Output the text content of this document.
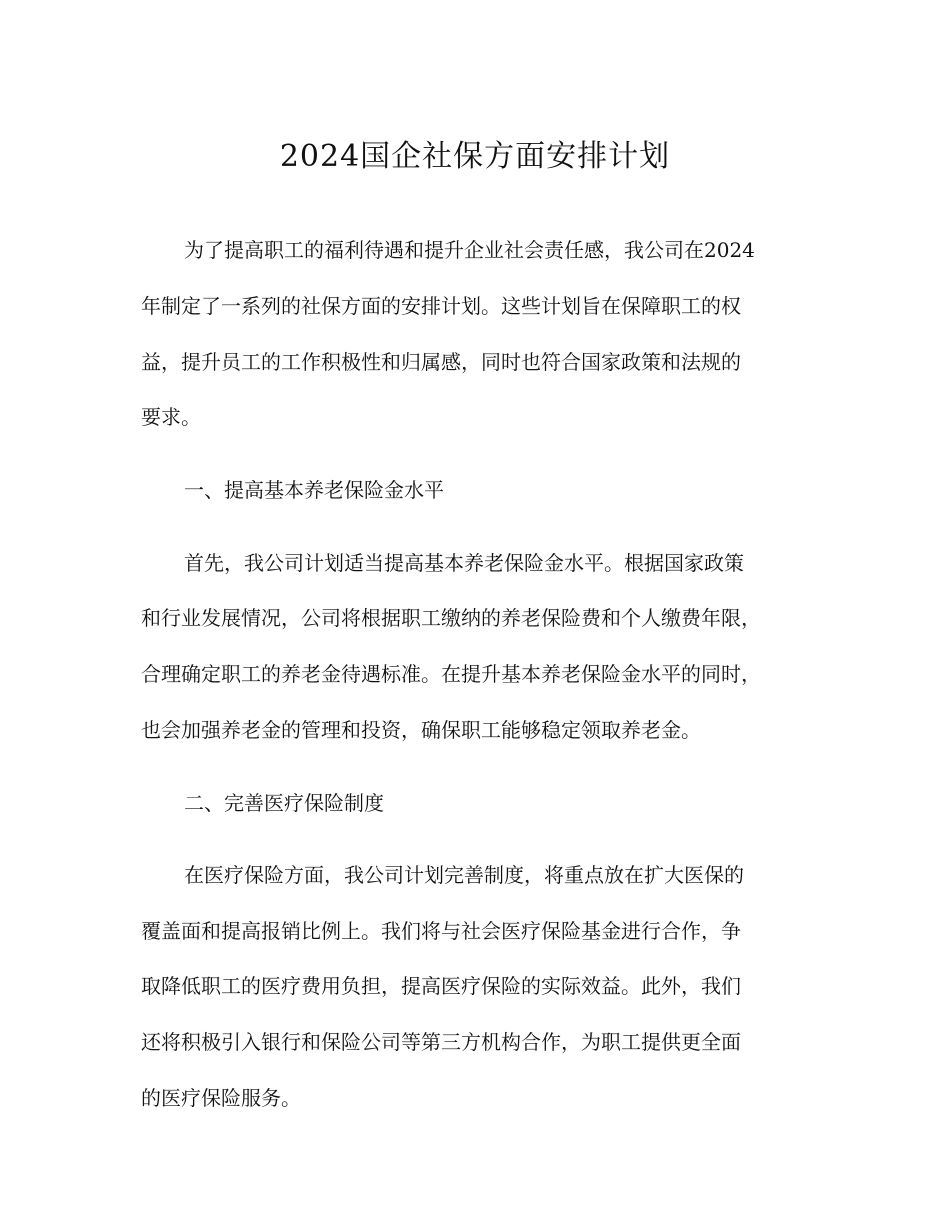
2024国企社保方面安排计划

为了提高职工的福利待遇和提升企业社会责任感，我公司在2024

年制定了一系列的社保方面的安排计划。这些计划旨在保障职工的权

益，提升员工的工作积极性和归属感，同时也符合国家政策和法规的

要求。

一、提高基本养老保险金水平

首先，我公司计划适当提高基本养老保险金水平。根据国家政策

和行业发展情况，公司将根据职工缴纳的养老保险费和个人缴费年限，

合理确定职工的养老金待遇标准。在提升基本养老保险金水平的同时，

也会加强养老金的管理和投资，确保职工能够稳定领取养老金。

二、完善医疗保险制度

在医疗保险方面，我公司计划完善制度，将重点放在扩大医保的

覆盖面和提高报销比例上。我们将与社会医疗保险基金进行合作，争

取降低职工的医疗费用负担，提高医疗保险的实际效益。此外，我们

还将积极引入银行和保险公司等第三方机构合作，为职工提供更全面

的医疗保险服务。
